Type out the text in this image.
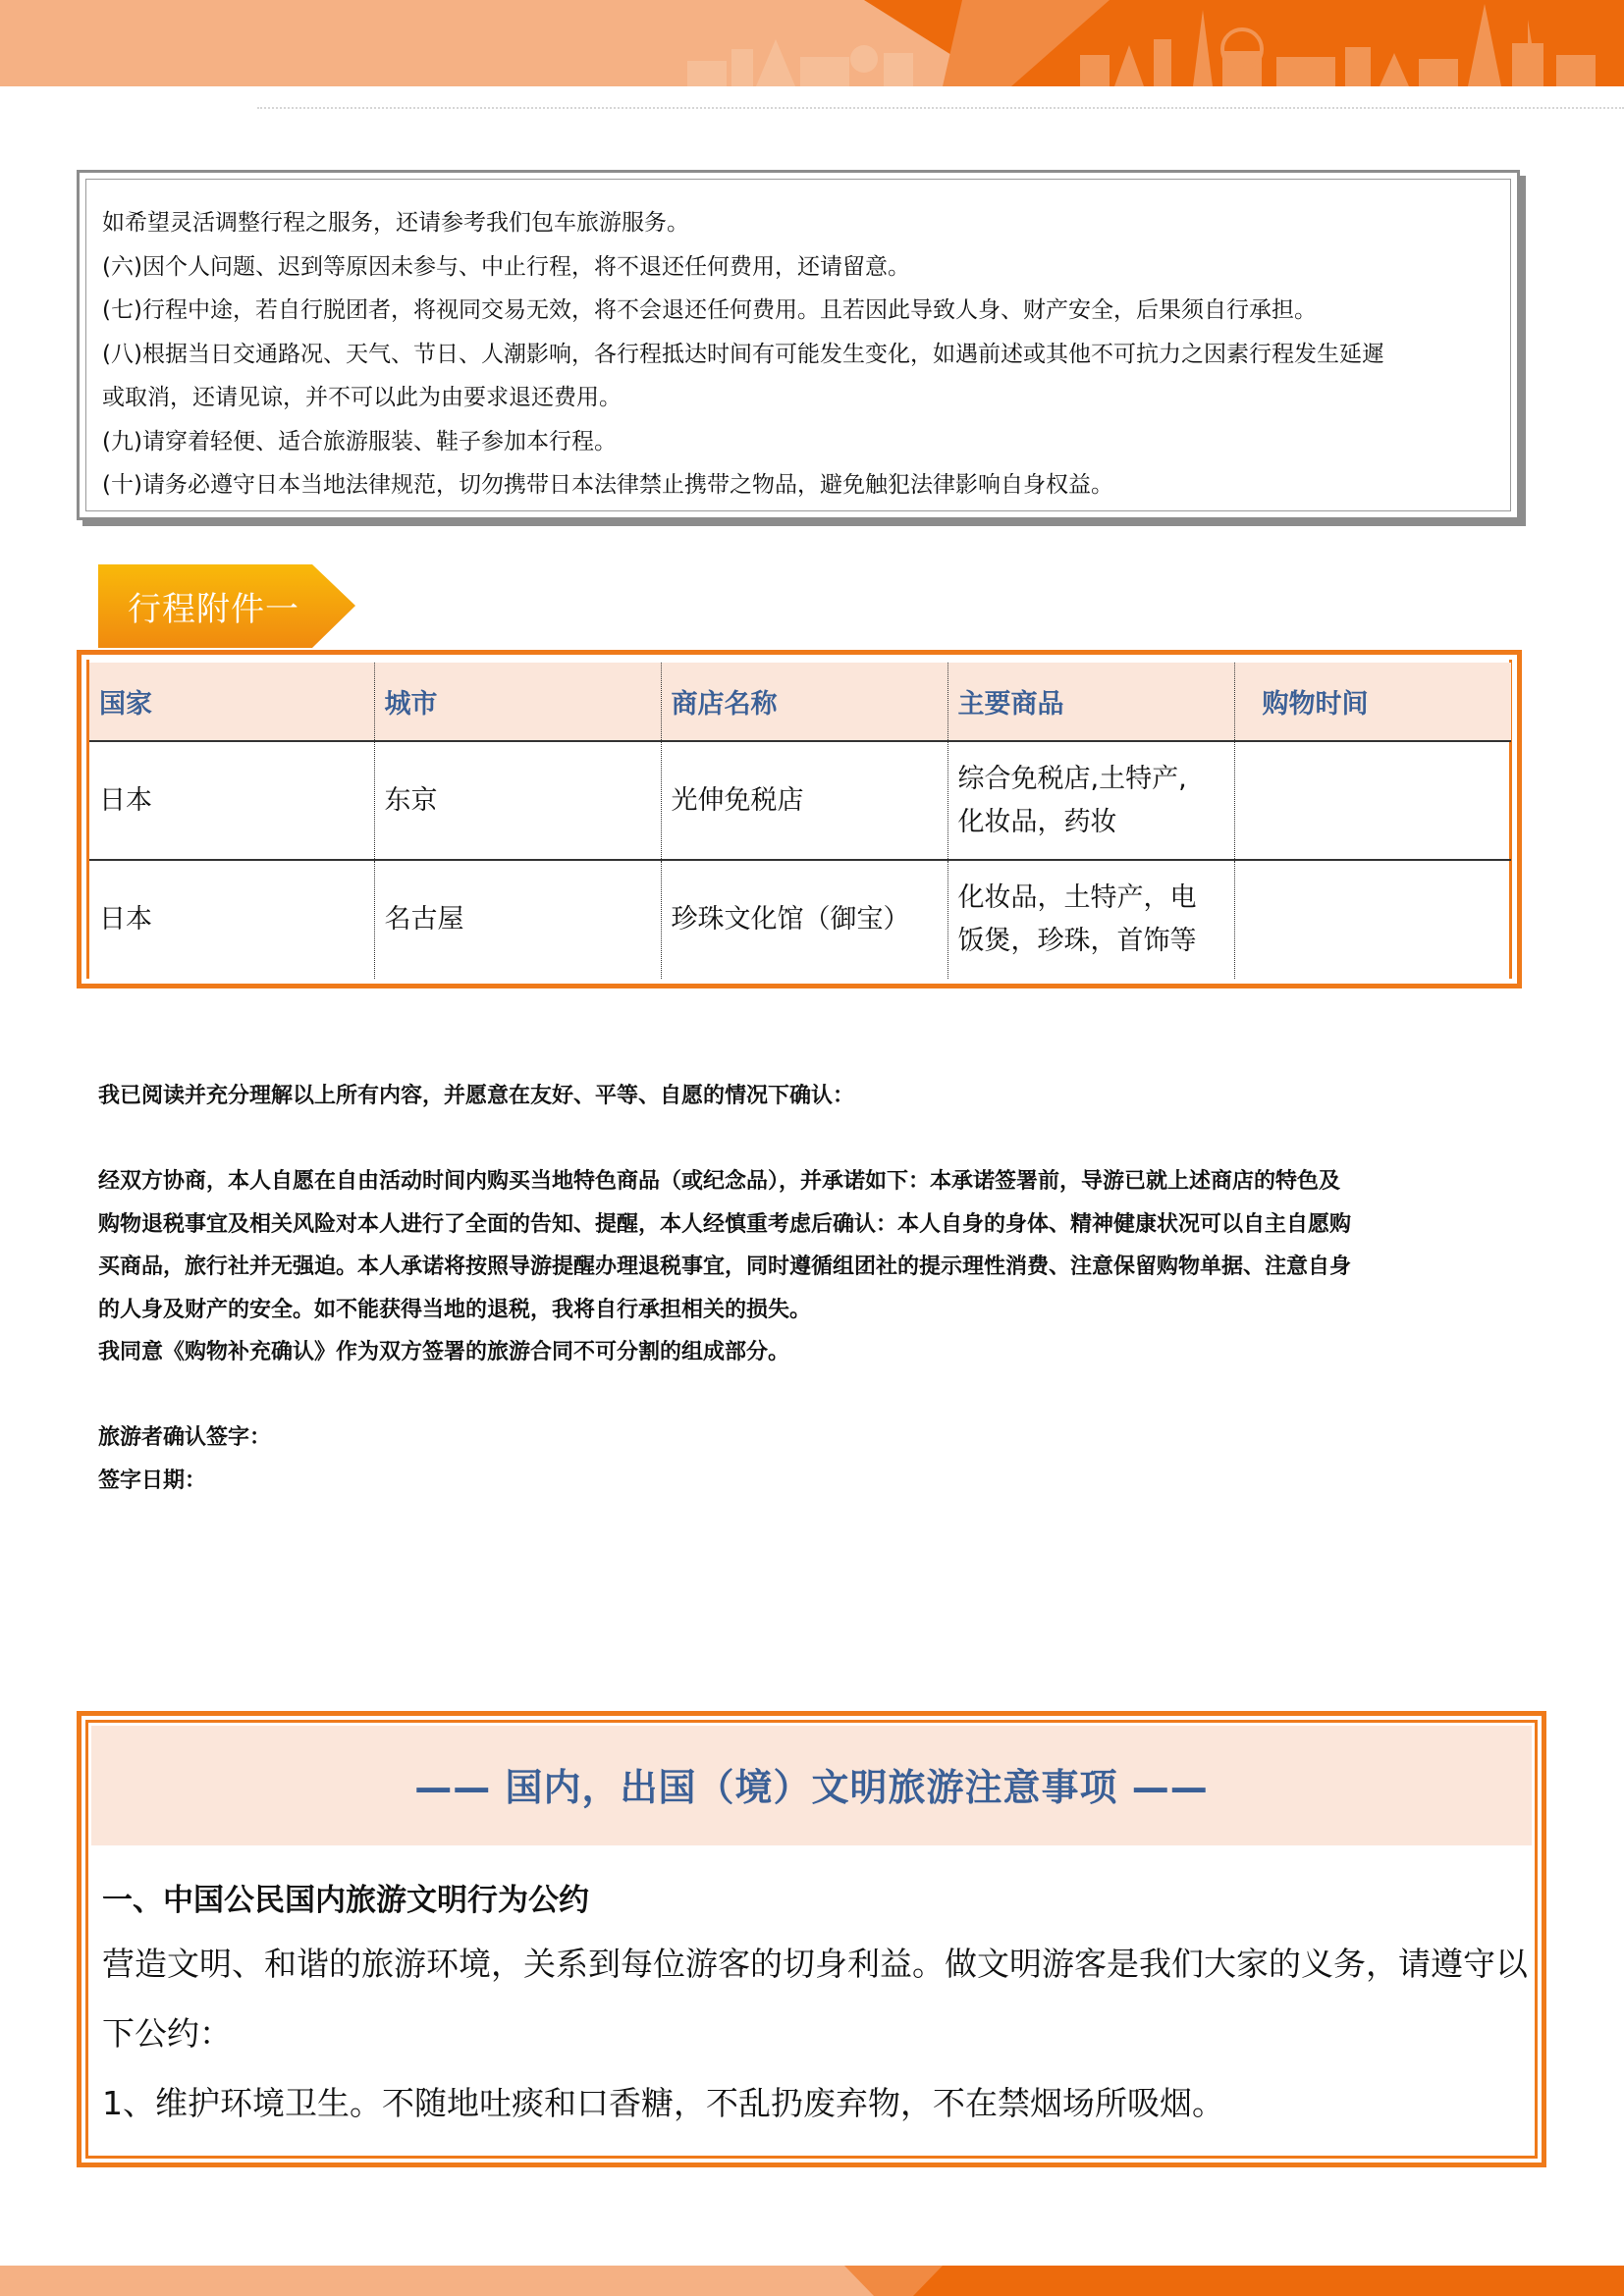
如希望灵活调整行程之服务，还请参考我们包车旅游服务。

(六)因个人问题、迟到等原因未参与、中止行程，将不退还任何费用，还请留意。

(七)行程中途，若自行脱团者，将视同交易无效，将不会退还任何费用。且若因此导致人身、财产安全，后果须自行承担。

(八)根据当日交通路况、天气、节日、人潮影响，各行程抵达时间有可能发生变化，如遇前述或其他不可抗力之因素行程发生延遲

或取消，还请见谅，并不可以此为由要求退还费用。

(九)请穿着轻便、适合旅游服装、鞋子参加本行程。

(十)请务必遵守日本当地法律规范，切勿携带日本法律禁止携带之物品，避免触犯法律影响自身权益。

行程附件一
国家	城市	商店名称	主要商品	购物时间
日本	东京	光伸免税店	综合免税店,土特产,
化妆品，药妆	

日本	名古屋	珍珠文化馆（御宝）	化妆品，土特产，电
饭煲，珍珠，首饰等	

我已阅读并充分理解以上所有内容，并愿意在友好、平等、自愿的情况下确认：

经双方协商，本人自愿在自由活动时间内购买当地特色商品（或纪念品），并承诺如下：本承诺签署前，导游已就上述商店的特色及

购物退税事宜及相关风险对本人进行了全面的告知、提醒，本人经慎重考虑后确认：本人自身的身体、精神健康状况可以自主自愿购

买商品，旅行社并无强迫。本人承诺将按照导游提醒办理退税事宜，同时遵循组团社的提示理性消费、注意保留购物单据、注意自身

的人身及财产的安全。如不能获得当地的退税，我将自行承担相关的损失。

我同意《购物补充确认》作为双方签署的旅游合同不可分割的组成部分。

旅游者确认签字：

签字日期：

—— 国内，出国（境）文明旅游注意事项 ——
一、中国公民国内旅游文明行为公约

营造文明、和谐的旅游环境，关系到每位游客的切身利益。做文明游客是我们大家的义务，请遵守以

下公约：

1、维护环境卫生。不随地吐痰和口香糖，不乱扔废弃物，不在禁烟场所吸烟。
